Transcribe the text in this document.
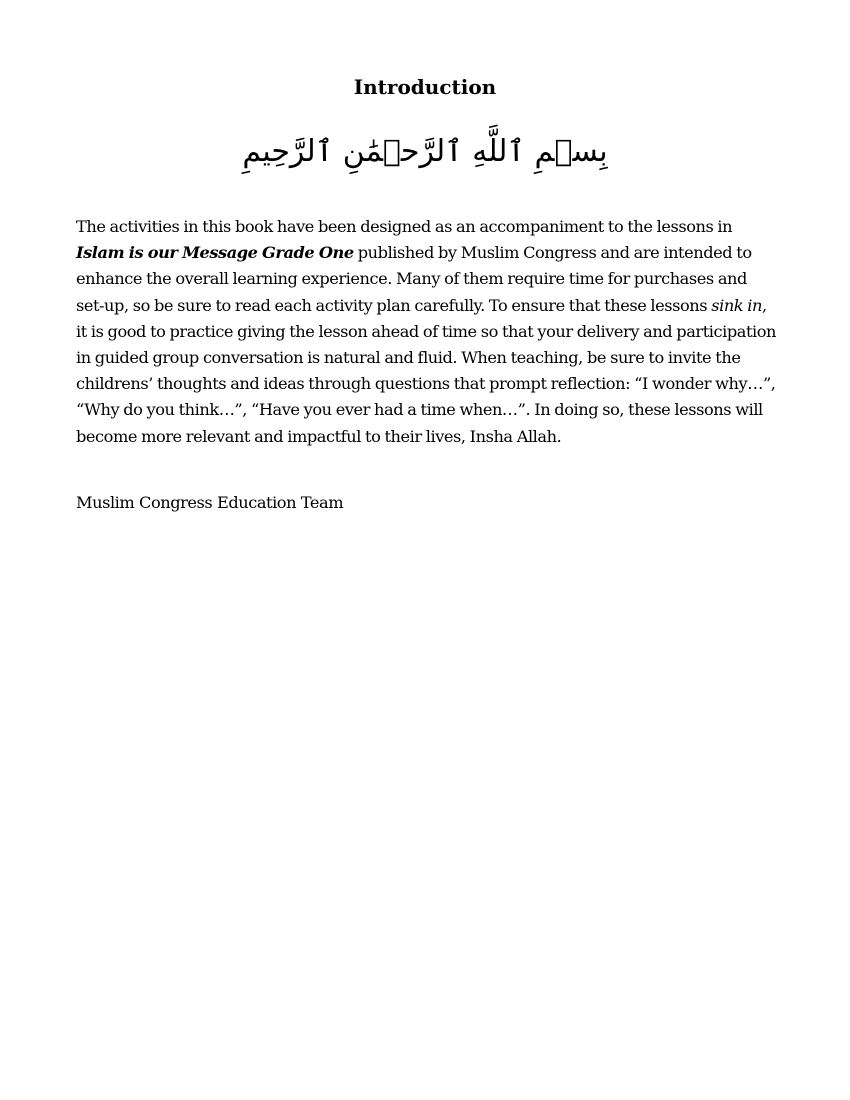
Introduction

بِسۡمِ ٱللَّهِ ٱلرَّحۡمَٰنِ ٱلرَّحِيمِ

The activities in this book have been designed as an accompaniment to the lessons in Islam is our Message Grade One published by Muslim Congress and are intended to enhance the overall learning experience. Many of them require time for purchases and set-up, so be sure to read each activity plan carefully. To ensure that these lessons sink in, it is good to practice giving the lesson ahead of time so that your delivery and participation in guided group conversation is natural and fluid. When teaching, be sure to invite the childrens’ thoughts and ideas through questions that prompt reflection: “I wonder why…”, “Why do you think…”, “Have you ever had a time when…”. In doing so, these lessons will become more relevant and impactful to their lives, Insha Allah.

Muslim Congress Education Team
